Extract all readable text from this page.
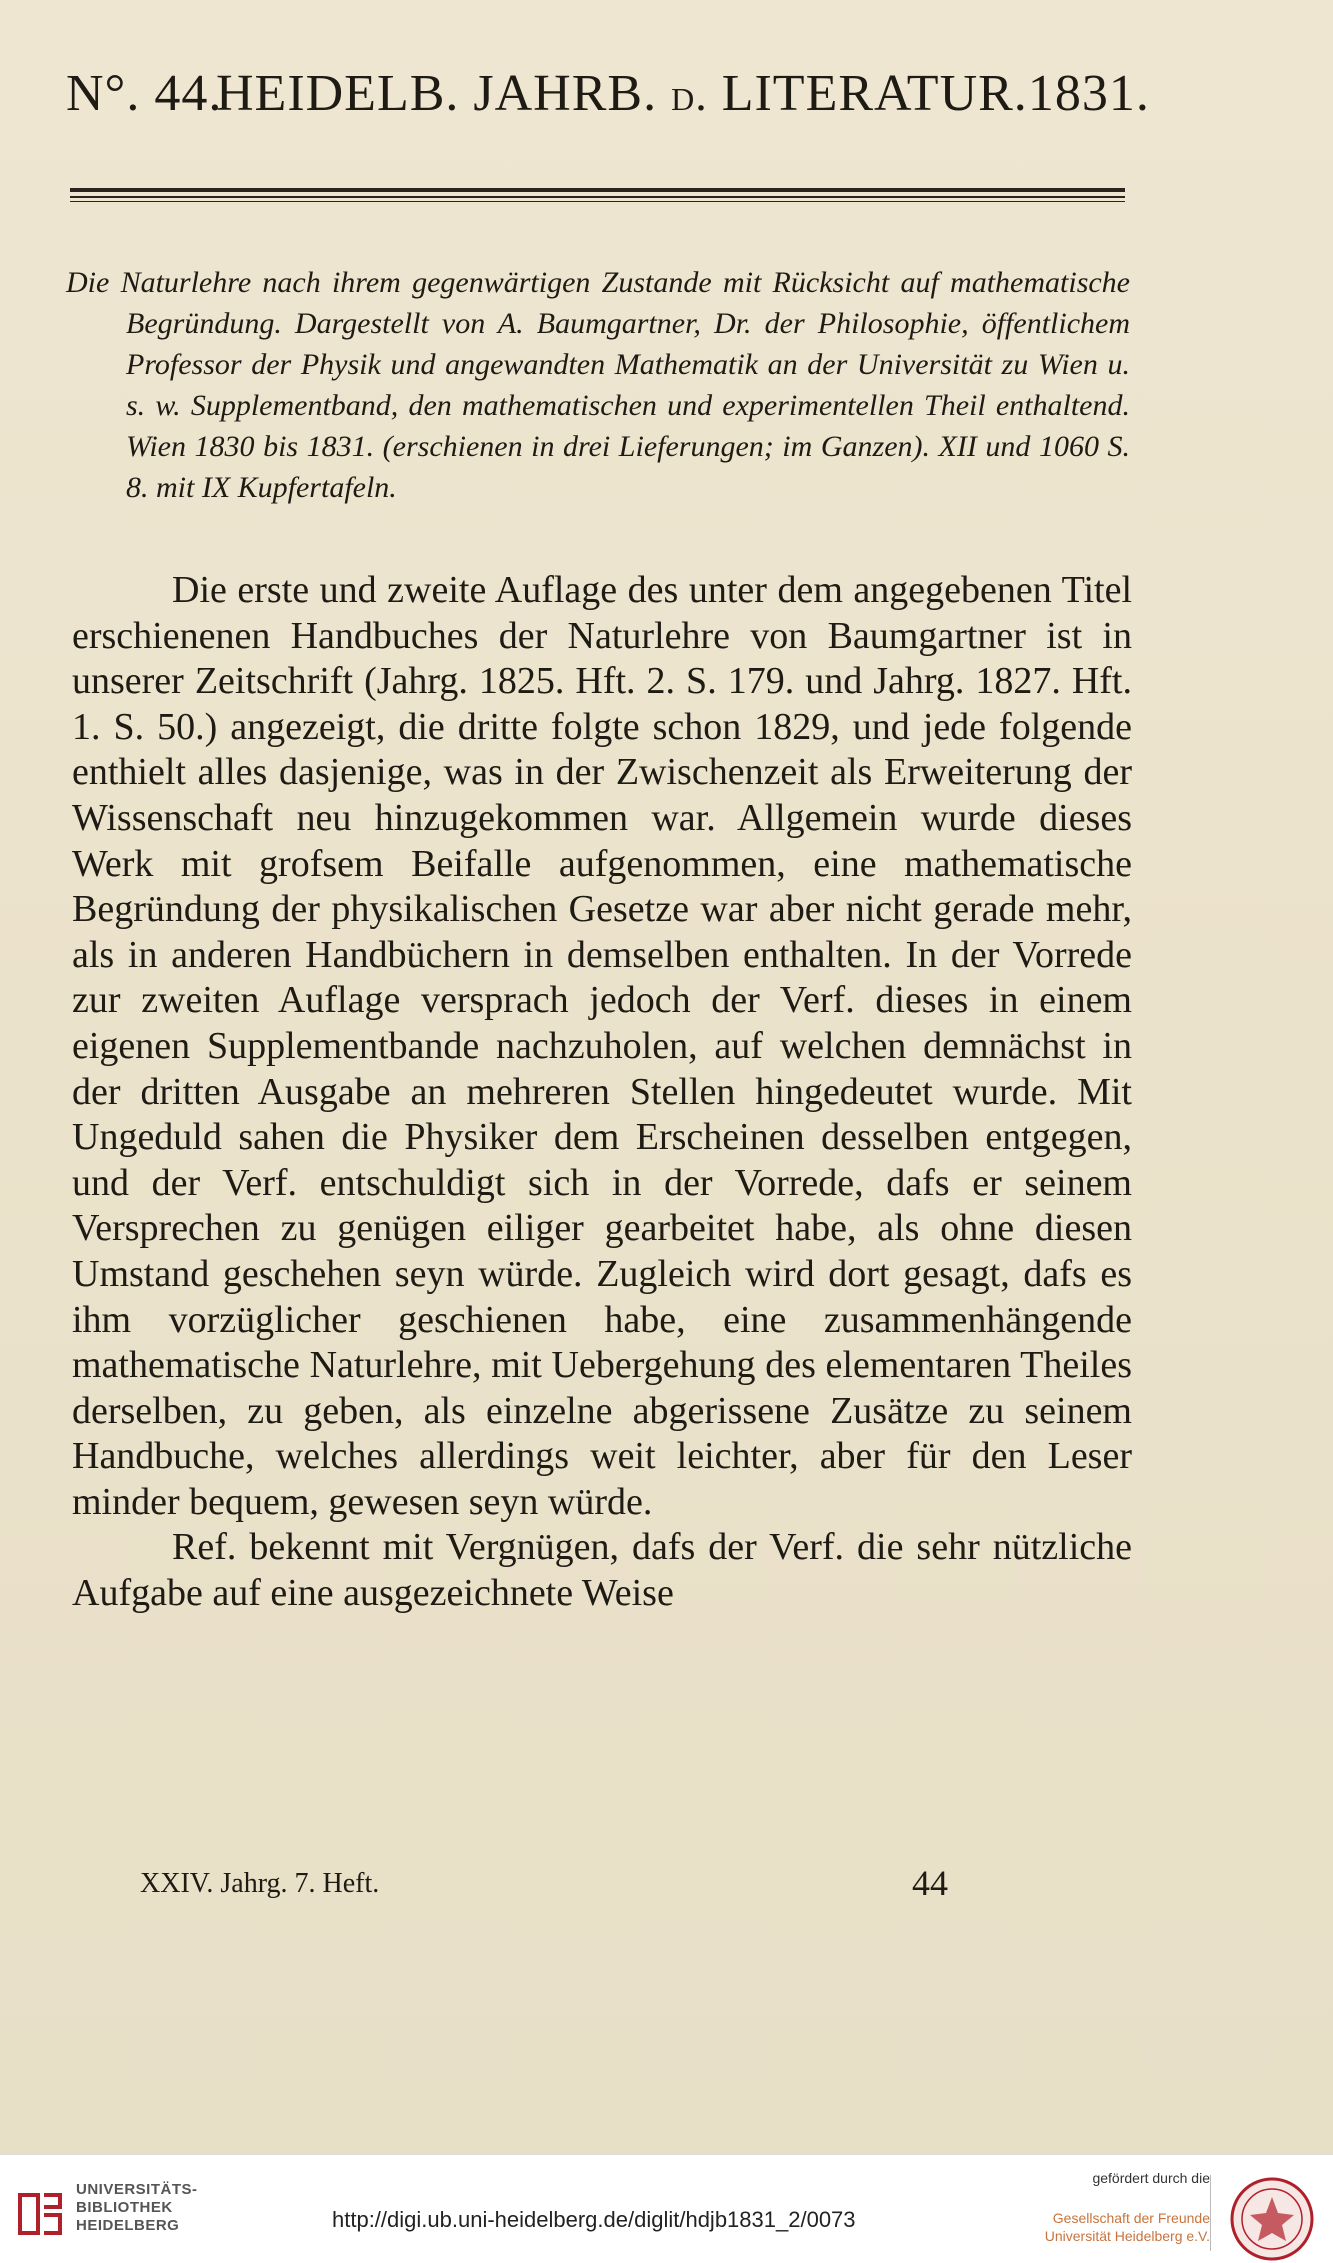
N°. 44.
HEIDELB. JAHRB. d. LITERATUR. 1831.
Die Naturlehre nach ihrem gegenwärtigen Zustande mit Rücksicht auf mathematische Begründung. Dargestellt von A. Baumgartner, Dr. der Philosophie, öffentlichem Professor der Physik und angewandten Mathematik an der Universität zu Wien u. s. w. Supplementband, den mathematischen und experimentellen Theil enthaltend. Wien 1830 bis 1831. (erschienen in drei Lieferungen; im Ganzen). XII und 1060 S. 8. mit IX Kupfertafeln.

Die erste und zweite Auflage des unter dem angegebenen Titel erschienenen Handbuches der Naturlehre von Baumgartner ist in unserer Zeitschrift (Jahrg. 1825. Hft. 2. S. 179. und Jahrg. 1827. Hft. 1. S. 50.) angezeigt, die dritte folgte schon 1829, und jede folgende enthielt alles dasjenige, was in der Zwischenzeit als Erweiterung der Wissenschaft neu hinzugekommen war. Allgemein wurde dieses Werk mit grofsem Beifalle aufgenommen, eine mathematische Begründung der physikalischen Gesetze war aber nicht gerade mehr, als in anderen Handbüchern in demselben enthalten. In der Vorrede zur zweiten Auflage versprach jedoch der Verf. dieses in einem eigenen Supplementbande nachzuholen, auf welchen demnächst in der dritten Ausgabe an mehreren Stellen hingedeutet wurde. Mit Ungeduld sahen die Physiker dem Erscheinen desselben entgegen, und der Verf. entschuldigt sich in der Vorrede, dafs er seinem Versprechen zu genügen eiliger gearbeitet habe, als ohne diesen Umstand geschehen seyn würde. Zugleich wird dort gesagt, dafs es ihm vorzüglicher geschienen habe, eine zusammenhängende mathematische Naturlehre, mit Uebergehung des elementaren Theiles derselben, zu geben, als einzelne abgerissene Zusätze zu seinem Handbuche, welches allerdings weit leichter, aber für den Leser minder bequem, gewesen seyn würde.

Ref. bekennt mit Vergnügen, dafs der Verf. die sehr nützliche Aufgabe auf eine ausgezeichnete Weise

XXIV. Jahrg. 7. Heft.	44
UNIVERSITÄTS-
BIBLIOTHEK
HEIDELBERG	http://digi.ub.uni-heidelberg.de/diglit/hdjb1831_2/0073
gefördert durch die
Gesellschaft der Freunde
Universität Heidelberg e.V.
